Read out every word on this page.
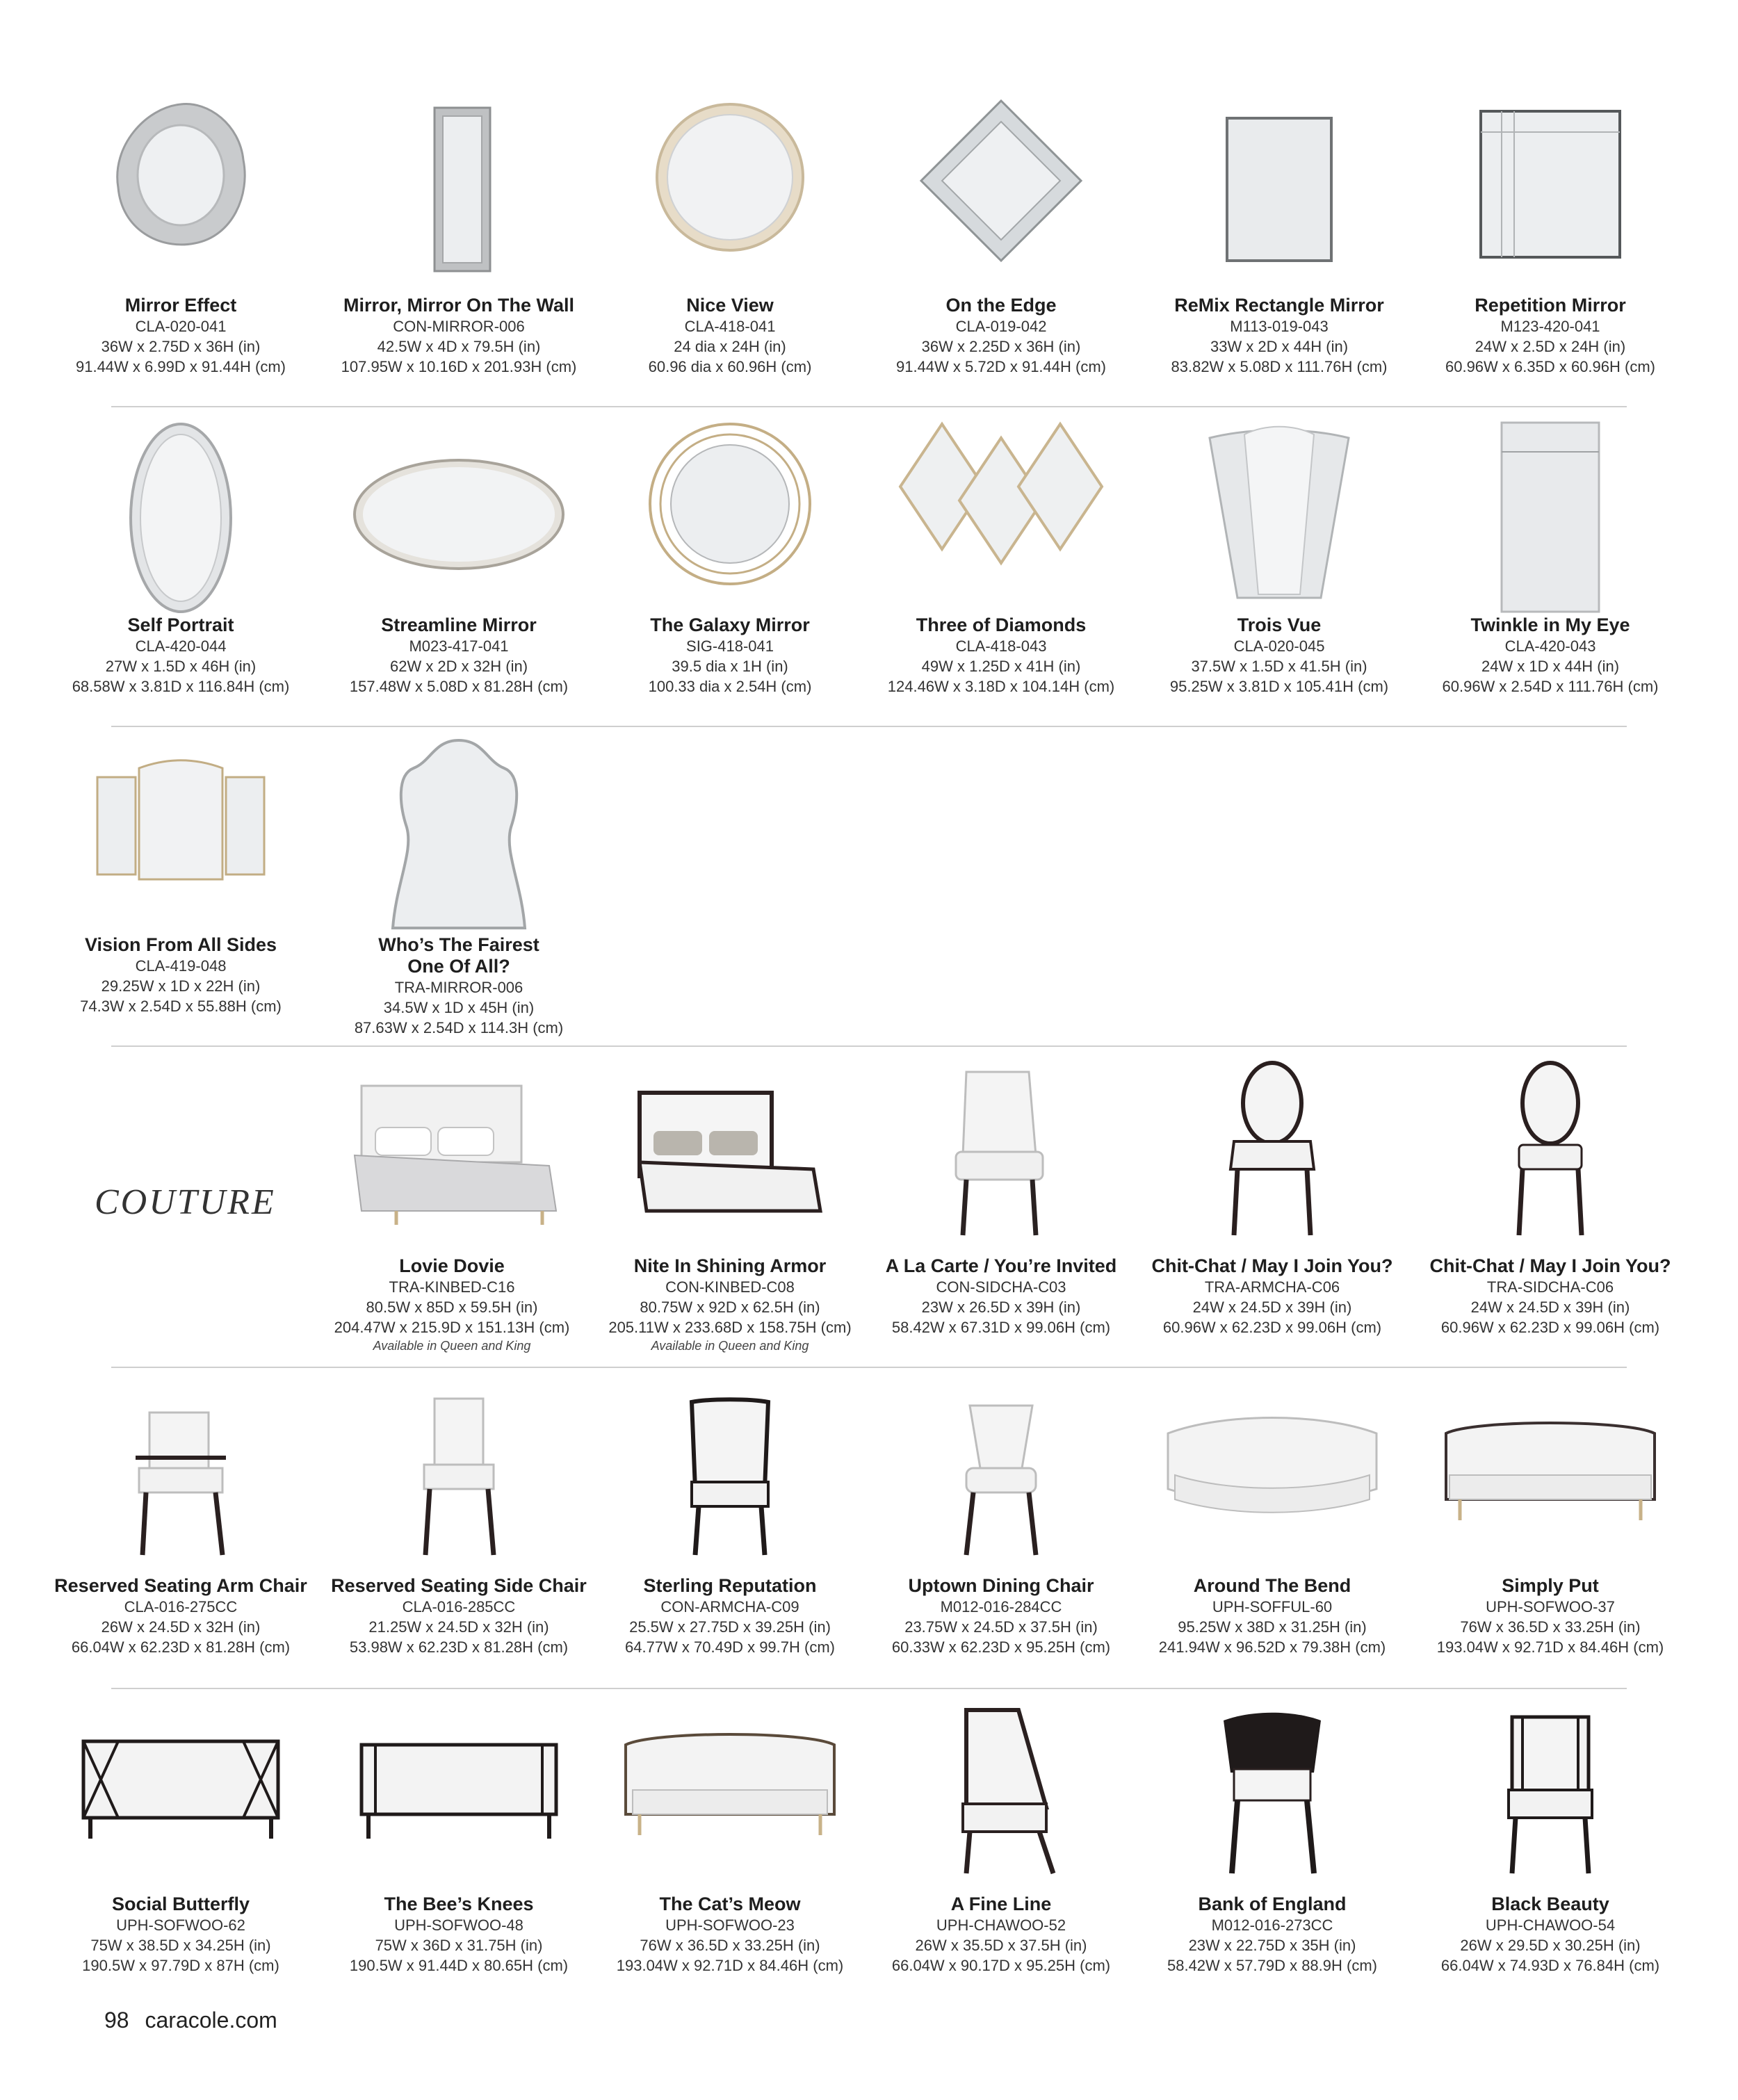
COUTURE
Mirror Effect
CLA-020-041
36W x 2.75D x 36H (in)
91.44W x 6.99D x 91.44H (cm)
Mirror, Mirror On The Wall
CON-MIRROR-006
42.5W x 4D x 79.5H (in)
107.95W x 10.16D x 201.93H (cm)
Nice View
CLA-418-041
24 dia x 24H (in)
60.96 dia x 60.96H (cm)
On the Edge
CLA-019-042
36W x 2.25D x 36H (in)
91.44W x 5.72D x 91.44H (cm)
ReMix Rectangle Mirror
M113-019-043
33W x 2D x 44H (in)
83.82W x 5.08D x 111.76H (cm)
Repetition Mirror
M123-420-041
24W x 2.5D x 24H (in)
60.96W x 6.35D x 60.96H (cm)
Self Portrait
CLA-420-044
27W x 1.5D x 46H (in)
68.58W x 3.81D x 116.84H (cm)
Streamline Mirror
M023-417-041
62W x 2D x 32H (in)
157.48W x 5.08D x 81.28H (cm)
The Galaxy Mirror
SIG-418-041
39.5 dia x 1H (in)
100.33 dia x 2.54H (cm)
Three of Diamonds
CLA-418-043
49W x 1.25D x 41H (in)
124.46W x 3.18D x 104.14H (cm)
Trois Vue
CLA-020-045
37.5W x 1.5D x 41.5H (in)
95.25W x 3.81D x 105.41H (cm)
Twinkle in My Eye
CLA-420-043
24W x 1D x 44H (in)
60.96W x 2.54D x 111.76H (cm)
Vision From All Sides
CLA-419-048
29.25W x 1D x 22H (in)
74.3W x 2.54D x 55.88H (cm)
Who’s The Fairest
One Of All?
TRA-MIRROR-006
34.5W x 1D x 45H (in)
87.63W x 2.54D x 114.3H (cm)
Lovie Dovie
TRA-KINBED-C16
80.5W x 85D x 59.5H (in)
204.47W x 215.9D x 151.13H (cm)
Available in Queen and King
Nite In Shining Armor
CON-KINBED-C08
80.75W x 92D x 62.5H (in)
205.11W x 233.68D x 158.75H (cm)
Available in Queen and King
A La Carte / You’re Invited
CON-SIDCHA-C03
23W x 26.5D x 39H (in)
58.42W x 67.31D x 99.06H (cm)
Chit-Chat / May I Join You?
TRA-ARMCHA-C06
24W x 24.5D x 39H (in)
60.96W x 62.23D x 99.06H (cm)
Chit-Chat / May I Join You?
TRA-SIDCHA-C06
24W x 24.5D x 39H (in)
60.96W x 62.23D x 99.06H (cm)
Reserved Seating Arm Chair
CLA-016-275CC
26W x 24.5D x 32H (in)
66.04W x 62.23D x 81.28H (cm)
Reserved Seating Side Chair
CLA-016-285CC
21.25W x 24.5D x 32H (in)
53.98W x 62.23D x 81.28H (cm)
Sterling Reputation
CON-ARMCHA-C09
25.5W x 27.75D x 39.25H (in)
64.77W x 70.49D x 99.7H (cm)
Uptown Dining Chair
M012-016-284CC
23.75W x 24.5D x 37.5H (in)
60.33W x 62.23D x 95.25H (cm)
Around The Bend
UPH-SOFFUL-60
95.25W x 38D x 31.25H (in)
241.94W x 96.52D x 79.38H (cm)
Simply Put
UPH-SOFWOO-37
76W x 36.5D x 33.25H (in)
193.04W x 92.71D x 84.46H (cm)
Social Butterfly
UPH-SOFWOO-62
75W x 38.5D x 34.25H (in)
190.5W x 97.79D x 87H (cm)
The Bee’s Knees
UPH-SOFWOO-48
75W x 36D x 31.75H (in)
190.5W x 91.44D x 80.65H (cm)
The Cat’s Meow
UPH-SOFWOO-23
76W x 36.5D x 33.25H (in)
193.04W x 92.71D x 84.46H (cm)
A Fine Line
UPH-CHAWOO-52
26W x 35.5D x 37.5H (in)
66.04W x 90.17D x 95.25H (cm)
Bank of England
M012-016-273CC
23W x 22.75D x 35H (in)
58.42W x 57.79D x 88.9H (cm)
Black Beauty
UPH-CHAWOO-54
26W x 29.5D x 30.25H (in)
66.04W x 74.93D x 76.84H (cm)
98 caracole.com
